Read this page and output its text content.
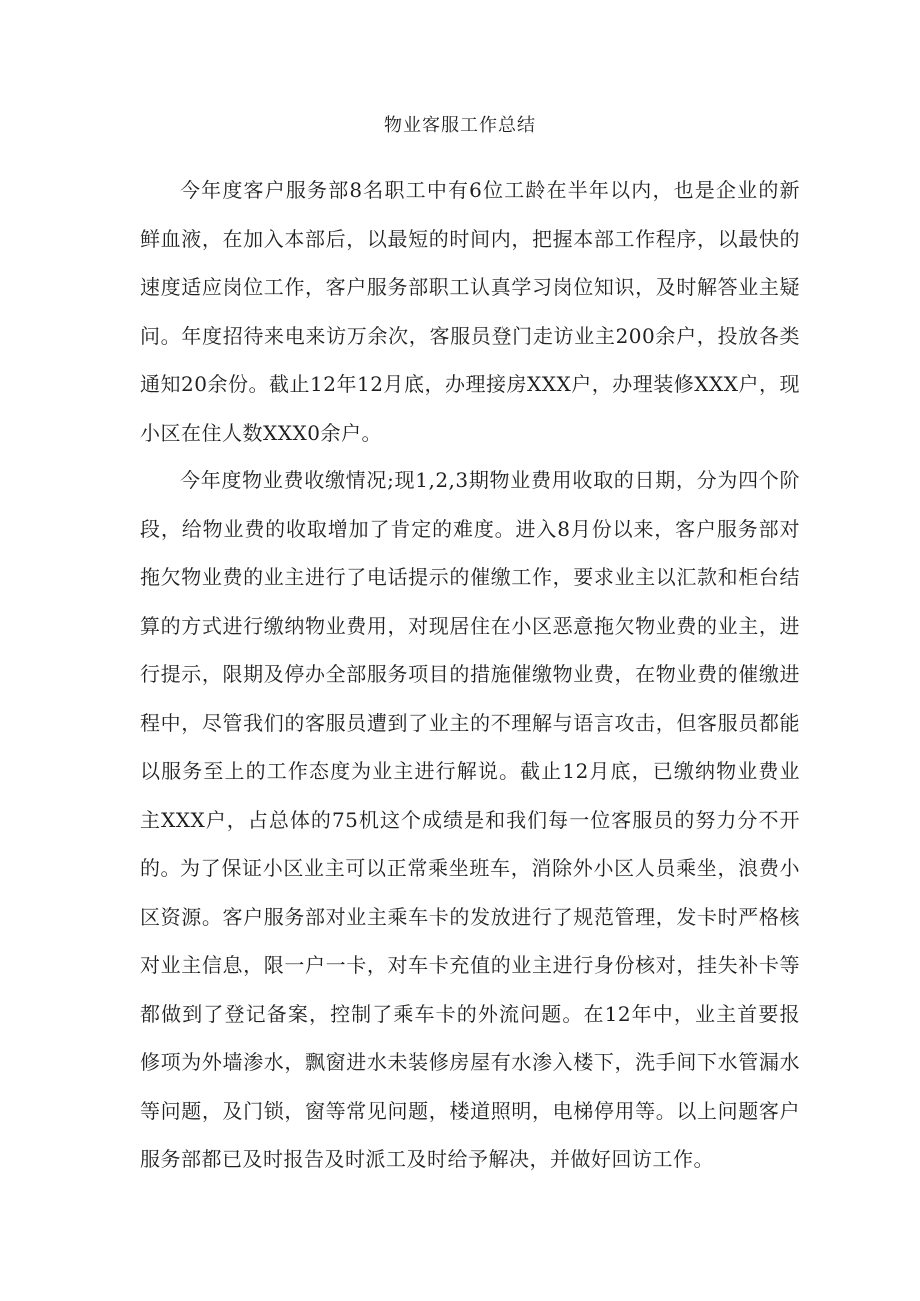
物业客服工作总结

今年度客户服务部8名职工中有6位工龄在半年以内，也是企业的新鲜血液，在加入本部后，以最短的时间内，把握本部工作程序，以最快的速度适应岗位工作，客户服务部职工认真学习岗位知识，及时解答业主疑问。年度招待来电来访万余次，客服员登门走访业主200余户，投放各类通知20余份。截止12年12月底，办理接房XXX户，办理装修XXX户，现小区在住人数XXX0余户。

今年度物业费收缴情况;现1,2,3期物业费用收取的日期，分为四个阶段，给物业费的收取增加了肯定的难度。进入8月份以来，客户服务部对拖欠物业费的业主进行了电话提示的催缴工作，要求业主以汇款和柜台结算的方式进行缴纳物业费用，对现居住在小区恶意拖欠物业费的业主，进行提示，限期及停办全部服务项目的措施催缴物业费，在物业费的催缴进程中，尽管我们的客服员遭到了业主的不理解与语言攻击，但客服员都能以服务至上的工作态度为业主进行解说。截止12月底，已缴纳物业费业主XXX户，占总体的75机这个成绩是和我们每一位客服员的努力分不开的。 为了保证小区业主可以正常乘坐班车，消除外小区人员乘坐，浪费小区资源。客户服务部对业主乘车卡的发放进行了规范管理，发卡时严格核对业主信息，限一户一卡，对车卡充值的业主进行身份核对，挂失补卡等都做到了登记备案，控制了乘车卡的外流问题。在12年中，业主首要报修项为外墙渗水，飘窗进水未装修房屋有水渗入楼下，洗手间下水管漏水等问题，及门锁，窗等常见问题，楼道照明，电梯停用等。以上问题客户服务部都已及时报告及时派工及时给予解决，并做好回访工作。
